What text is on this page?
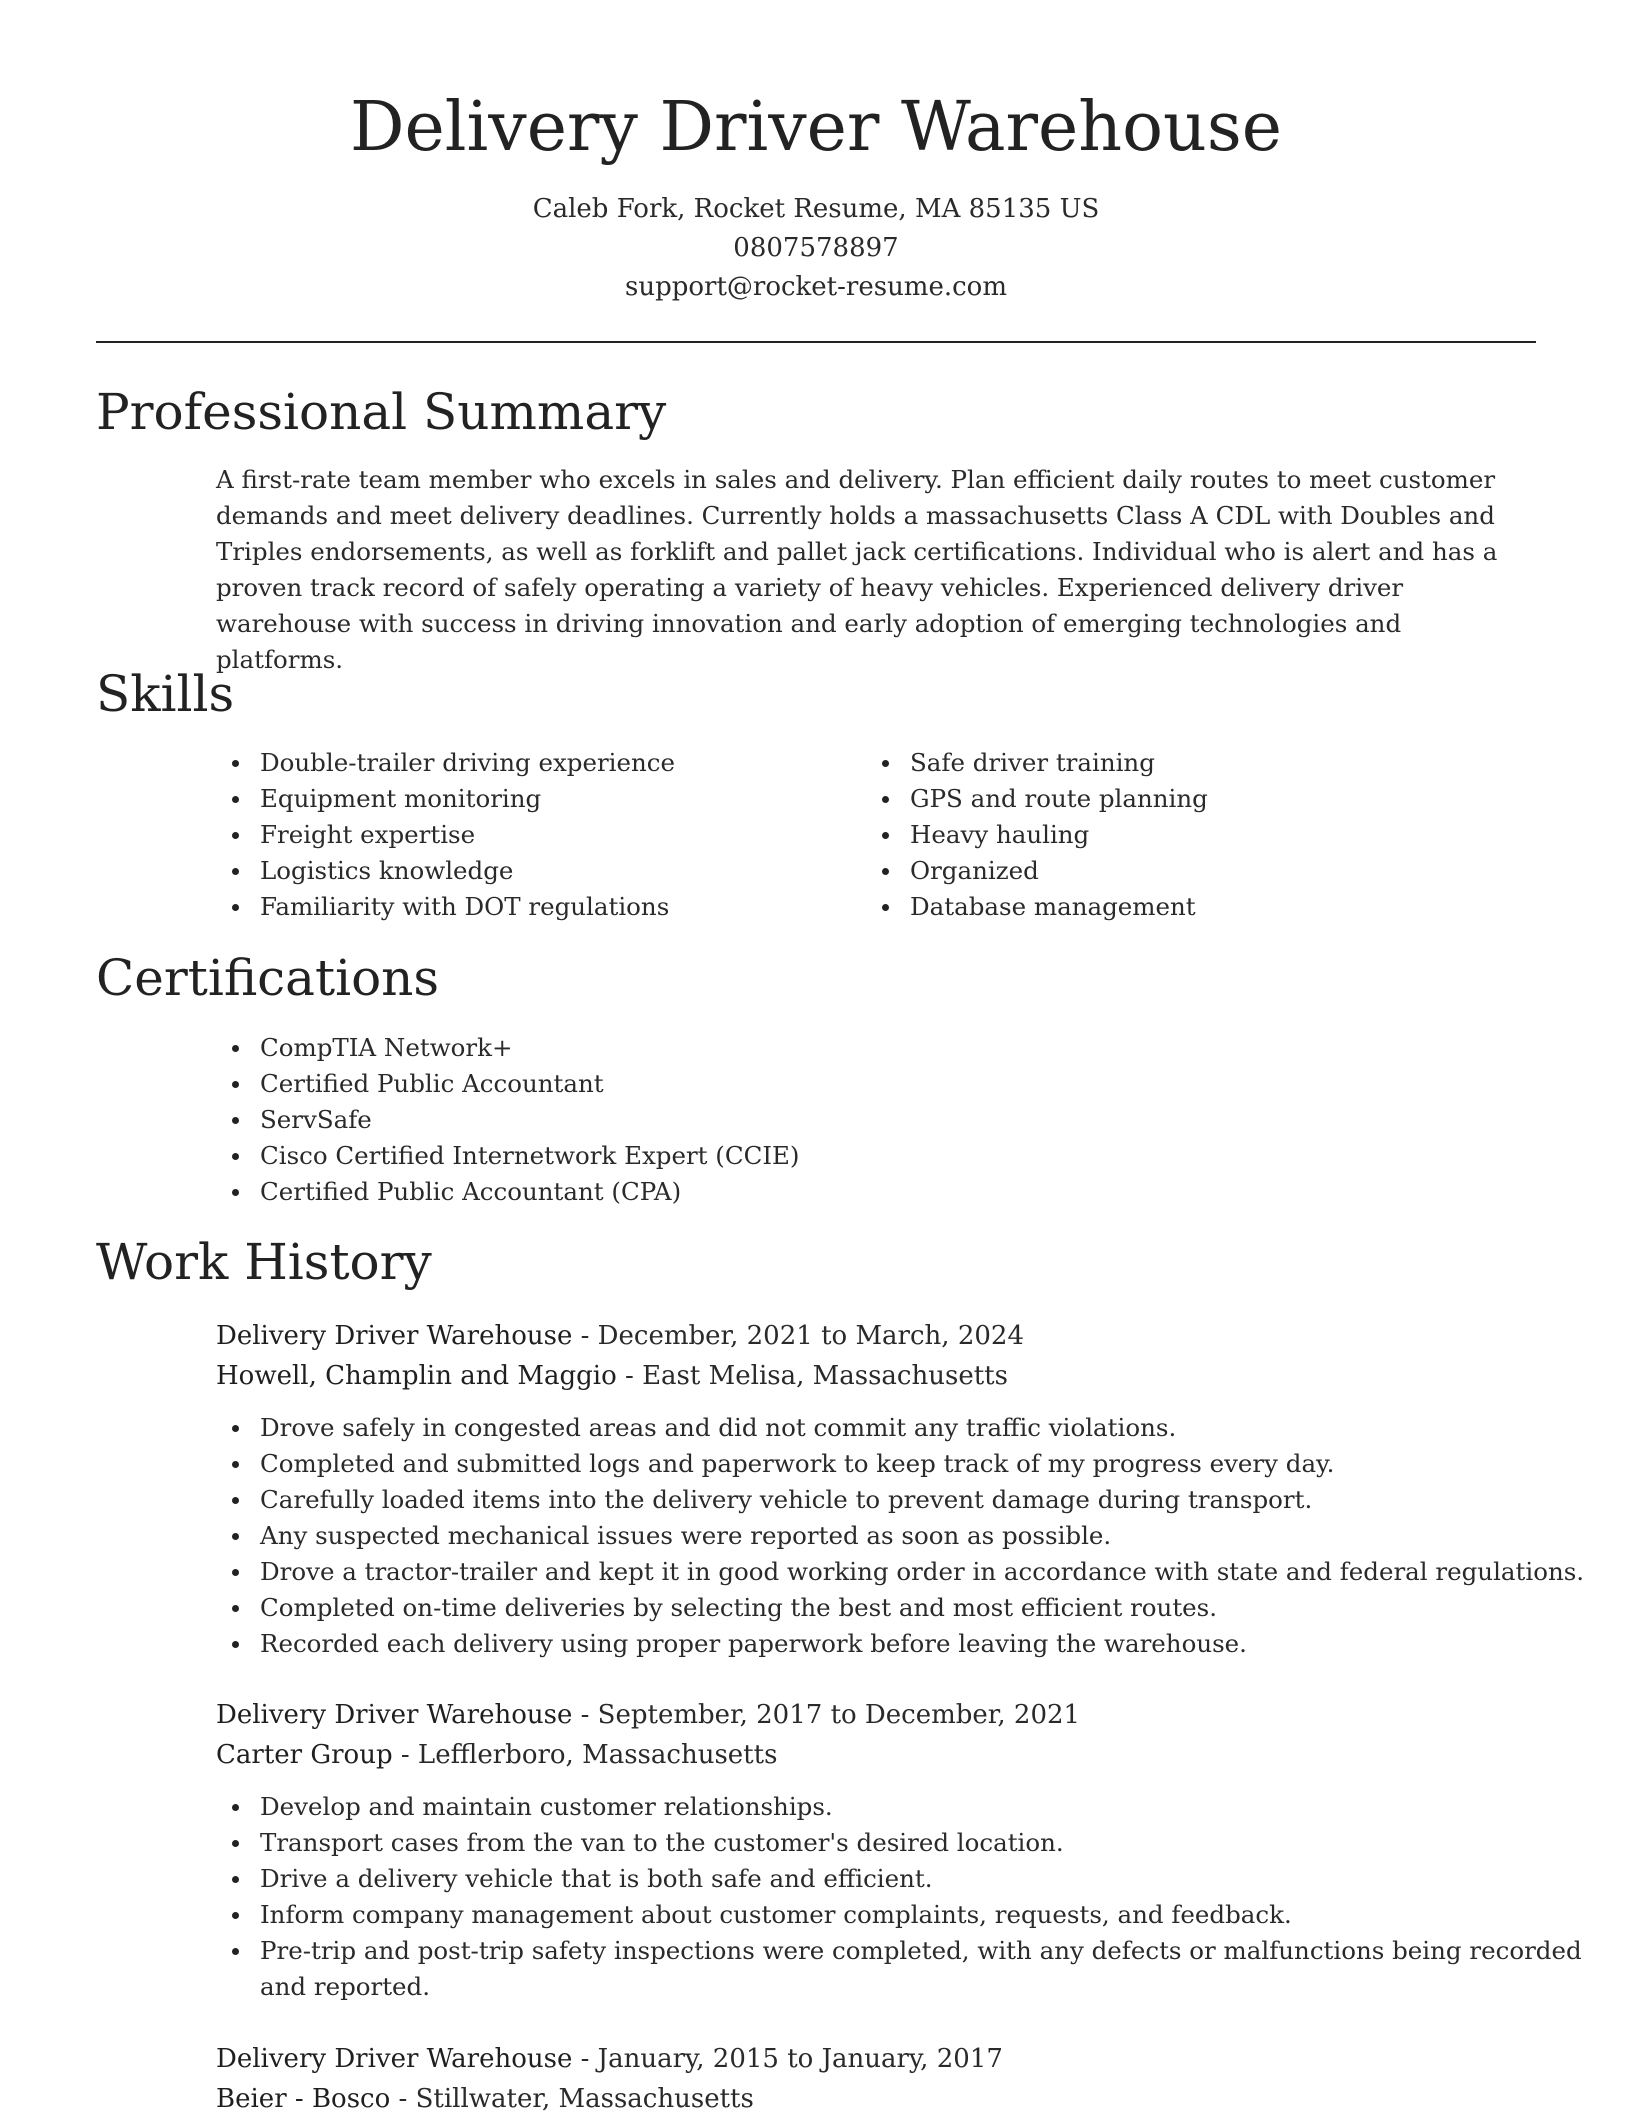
Delivery Driver Warehouse
Caleb Fork, Rocket Resume, MA 85135 US
0807578897
support@rocket-resume.com
Professional Summary

A first-rate team member who excels in sales and delivery. Plan efficient daily routes to meet customer demands and meet delivery deadlines. Currently holds a massachusetts Class A CDL with Doubles and Triples endorsements, as well as forklift and pallet jack certifications. Individual who is alert and has a proven track record of safely operating a variety of heavy vehicles. Experienced delivery driver warehouse with success in driving innovation and early adoption of emerging technologies and platforms.

Skills
Double-trailer driving experience
Equipment monitoring
Freight expertise
Logistics knowledge
Familiarity with DOT regulations
Safe driver training
GPS and route planning
Heavy hauling
Organized
Database management
Certifications
CompTIA Network+
Certified Public Accountant
ServSafe
Cisco Certified Internetwork Expert (CCIE)
Certified Public Accountant (CPA)
Work History
Delivery Driver Warehouse - December, 2021 to March, 2024
Howell, Champlin and Maggio - East Melisa, Massachusetts
Drove safely in congested areas and did not commit any traffic violations.
Completed and submitted logs and paperwork to keep track of my progress every day.
Carefully loaded items into the delivery vehicle to prevent damage during transport.
Any suspected mechanical issues were reported as soon as possible.
Drove a tractor-trailer and kept it in good working order in accordance with state and federal regulations.
Completed on-time deliveries by selecting the best and most efficient routes.
Recorded each delivery using proper paperwork before leaving the warehouse.
Delivery Driver Warehouse - September, 2017 to December, 2021
Carter Group - Lefflerboro, Massachusetts
Develop and maintain customer relationships.
Transport cases from the van to the customer's desired location.
Drive a delivery vehicle that is both safe and efficient.
Inform company management about customer complaints, requests, and feedback.
Pre-trip and post-trip safety inspections were completed, with any defects or malfunctions being recorded and reported.
Delivery Driver Warehouse - January, 2015 to January, 2017
Beier - Bosco - Stillwater, Massachusetts
